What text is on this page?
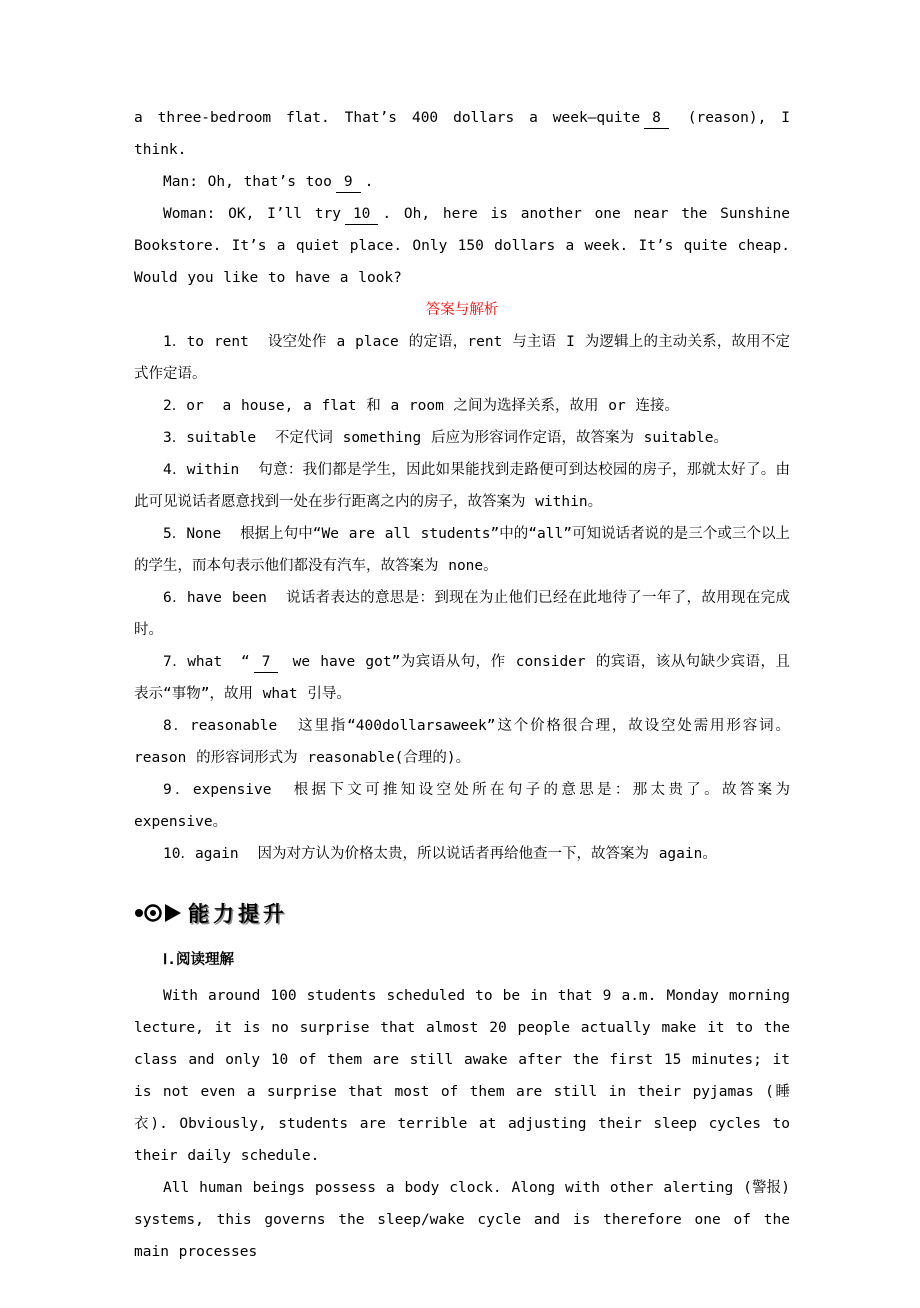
a three-bedroom flat. That’s 400 dollars a week—quite 8 (reason), I think.

Man: Oh, that’s too 9 .

Woman: OK, I’ll try 10 . Oh, here is another one near the Sunshine Bookstore. It’s a quiet place. Only 150 dollars a week. It’s quite cheap. Would you like to have a look?

答案与解析

1．to rent 设空处作 a place 的定语，rent 与主语 I 为逻辑上的主动关系，故用不定式作定语。

2．or a house, a flat 和 a room 之间为选择关系，故用 or 连接。

3．suitable 不定代词 something 后应为形容词作定语，故答案为 suitable。

4．within 句意：我们都是学生，因此如果能找到走路便可到达校园的房子，那就太好了。由此可见说话者愿意找到一处在步行距离之内的房子，故答案为 within。

5．None 根据上句中“We are all students”中的“all”可知说话者说的是三个或三个以上的学生，而本句表示他们都没有汽车，故答案为 none。

6．have been 说话者表达的意思是：到现在为止他们已经在此地待了一年了，故用现在完成时。

7．what “ 7 we have got”为宾语从句，作 consider 的宾语，该从句缺少宾语，且表示“事物”，故用 what 引导。

8．reasonable 这里指“400dollarsaweek”这个价格很合理，故设空处需用形容词。reason 的形容词形式为 reasonable(合理的)。

9．expensive 根据下文可推知设空处所在句子的意思是：那太贵了。故答案为 expensive。

10．again 因为对方认为价格太贵，所以说话者再给他查一下，故答案为 again。

能力提升

Ⅰ.阅读理解

With around 100 students scheduled to be in that 9 a.m. Monday morning lecture, it is no surprise that almost 20 people actually make it to the class and only 10 of them are still awake after the first 15 minutes; it is not even a surprise that most of them are still in their pyjamas (睡衣). Obviously, students are terrible at adjusting their sleep cycles to their daily schedule.

All human beings possess a body clock. Along with other alerting (警报) systems, this governs the sleep/wake cycle and is therefore one of the main processes
